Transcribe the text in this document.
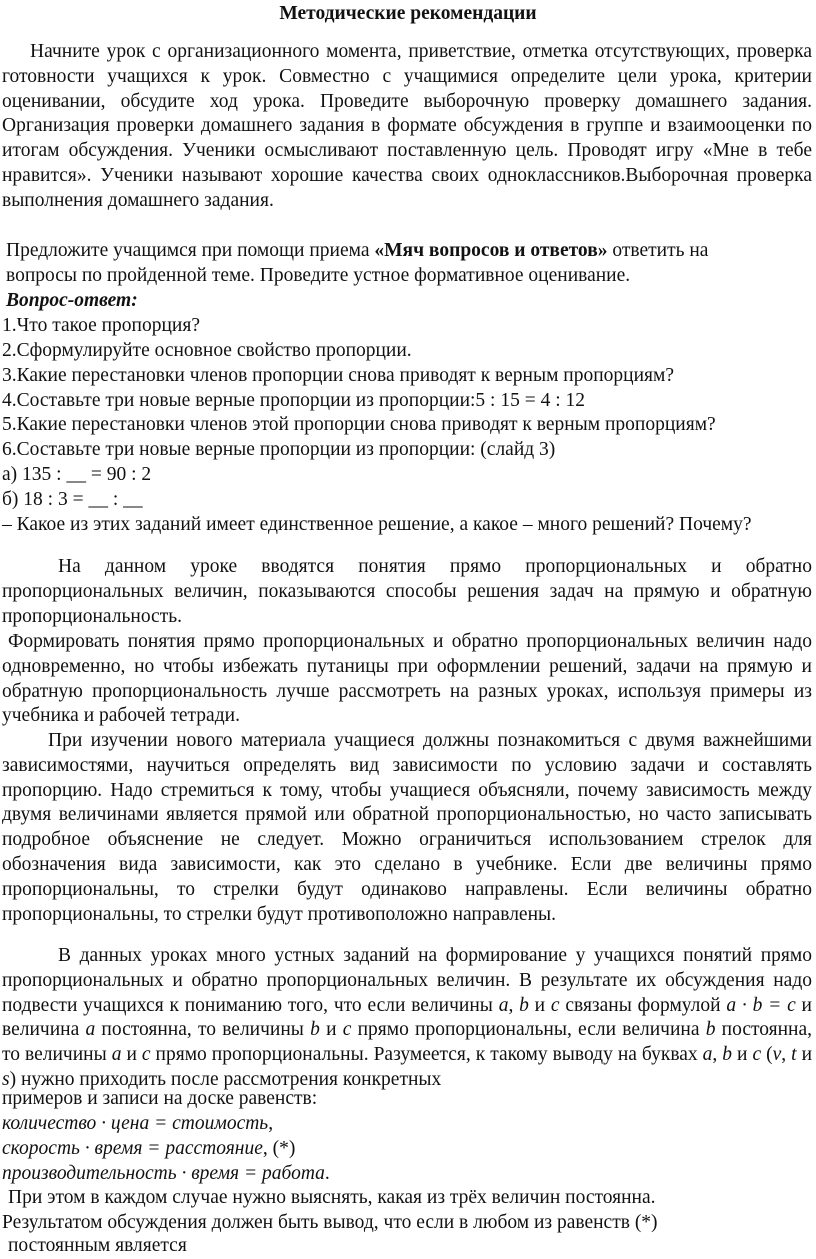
Методические рекомендации

Начните урок с организационного момента, приветствие, отметка отсутствующих, проверка готовности учащихся к урок. Совместно с учащимися определите цели урока, критерии оценивании, обсудите ход урока. Проведите выборочную проверку домашнего задания. Организация проверки домашнего задания в формате обсуждения в группе и взаимооценки по итогам обсуждения. Ученики осмысливают поставленную цель. Проводят игру «Мне в тебе нравится». Ученики называют хорошие качества своих одноклассников.Выборочная проверка выполнения домашнего задания.

Предложите учащимся при помощи приема «Мяч вопросов и ответов» ответить на
вопросы по пройденной теме. Проведите устное формативное оценивание.
Вопрос-ответ:
1.Что такое пропорция?
2.Сформулируйте основное свойство пропорции.
3.Какие перестановки членов пропорции снова приводят к верным пропорциям?
4.Составьте три новые верные пропорции из пропорции:5 : 15 = 4 : 12
5.Какие перестановки членов этой пропорции снова приводят к верным пропорциям?
6.Составьте три новые верные пропорции из пропорции: (слайд 3)
а) 135 : __ = 90 : 2
б) 18 : 3 = __ : __
– Какое из этих заданий имеет единственное решение, а какое – много решений? Почему?

На данном уроке вводятся понятия прямо пропорциональных и обратно пропорциональных величин, показываются способы решения задач на прямую и обратную пропорциональность.

Формировать понятия прямо пропорциональных и обратно пропорциональных величин надо одновременно, но чтобы избежать путаницы при оформлении решений, задачи на прямую и обратную пропорциональность лучше рассмотреть на разных уроках, используя примеры из учебника и рабочей тетради.

При изучении нового материала учащиеся должны познакомиться с двумя важнейшими зависимостями, научиться определять вид зависимости по условию задачи и составлять пропорцию. Надо стремиться к тому, чтобы учащиеся объясняли, почему зависимость между двумя величинами является прямой или обратной пропорциональностью, но часто записывать подробное объяснение не следует. Можно ограничиться использованием стрелок для обозначения вида зависимости, как это сделано в учебнике. Если две величины прямо пропорциональны, то стрелки будут одинаково направлены. Если величины обратно пропорциональны, то стрелки будут противоположно направлены.

В данных уроках много устных заданий на формирование у учащихся понятий прямо пропорциональных и обратно пропорциональных величин. В результате их обсуждения надо подвести учащихся к пониманию того, что если величины a, b и c связаны формулой a · b = c и величина a постоянна, то величины b и c прямо пропорциональны, если величина b постоянна, то величины a и c прямо пропорциональны. Разумеется, к такому выводу на буквах a, b и c (v, t и s) нужно приходить после рассмотрения конкретных

примеров и записи на доске равенств:
количество · цена = стоимость,
скорость · время = расстояние, (*)
производительность · время = работа.
При этом в каждом случае нужно выяснять, какая из трёх величин постоянна.
Результатом обсуждения должен быть вывод, что если в любом из равенств (*)
постоянным является
